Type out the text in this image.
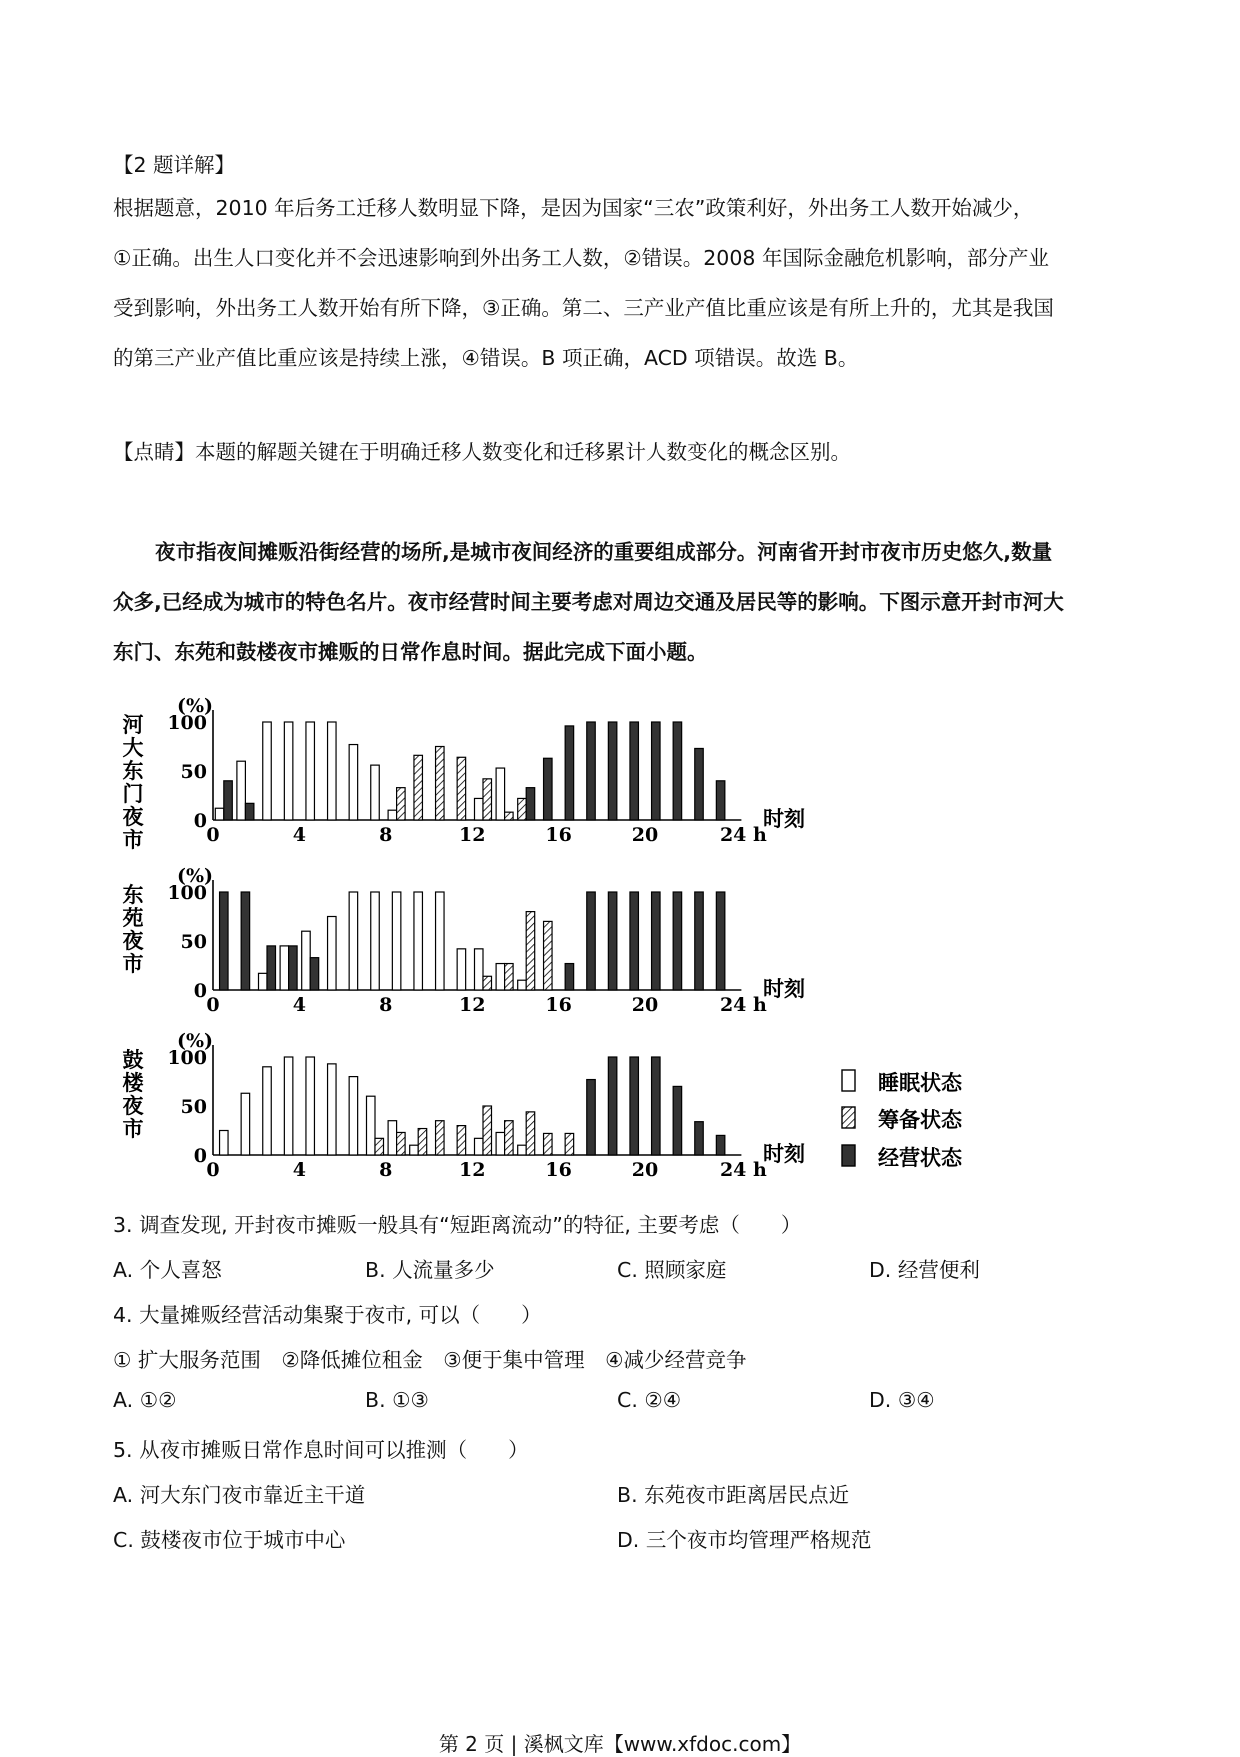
【2 题详解】
根据题意，2010 年后务工迁移人数明显下降，是因为国家“三农”政策利好，外出务工人数开始减少，
①正确。出生人口变化并不会迅速影响到外出务工人数，②错误。2008 年国际金融危机影响，部分产业
受到影响，外出务工人数开始有所下降，③正确。第二、三产业产值比重应该是有所上升的，尤其是我国
的第三产业产值比重应该是持续上涨，④错误。B 项正确，ACD 项错误。故选 B。
【点睛】本题的解题关键在于明确迁移人数变化和迁移累计人数变化的概念区别。
夜市指夜间摊贩沿街经营的场所,是城市夜间经济的重要组成部分。河南省开封市夜市历史悠久,数量
众多,已经成为城市的特色名片。夜市经营时间主要考虑对周边交通及居民等的影响。下图示意开封市河大
东门、东苑和鼓楼夜市摊贩的日常作息时间。据此完成下面小题。
河大东门夜市
(%)
0
50
100
0	4	8	12	16	20	24 h
时刻
东苑夜市
(%)
0
50
100
0	4	8	12	16	20	24 h
时刻
鼓楼夜市
(%)
0
50
100
0	4	8	12	16	20	24 h
时刻
睡眠状态
筹备状态
经营状态
3. 调查发现, 开封夜市摊贩一般具有“短距离流动”的特征, 主要考虑（　　）
A. 个人喜怒	B. 人流量多少	C. 照顾家庭	D. 经营便利
4. 大量摊贩经营活动集聚于夜市, 可以（　　）
① 扩大服务范围　②降低摊位租金　③便于集中管理　④减少经营竞争
A. ①②	B. ①③	C. ②④	D. ③④
5. 从夜市摊贩日常作息时间可以推测（　　）
A. 河大东门夜市靠近主干道	B. 东苑夜市距离居民点近
C. 鼓楼夜市位于城市中心	D. 三个夜市均管理严格规范
第 2 页 | 溪枫文库【www.xfdoc.com】
